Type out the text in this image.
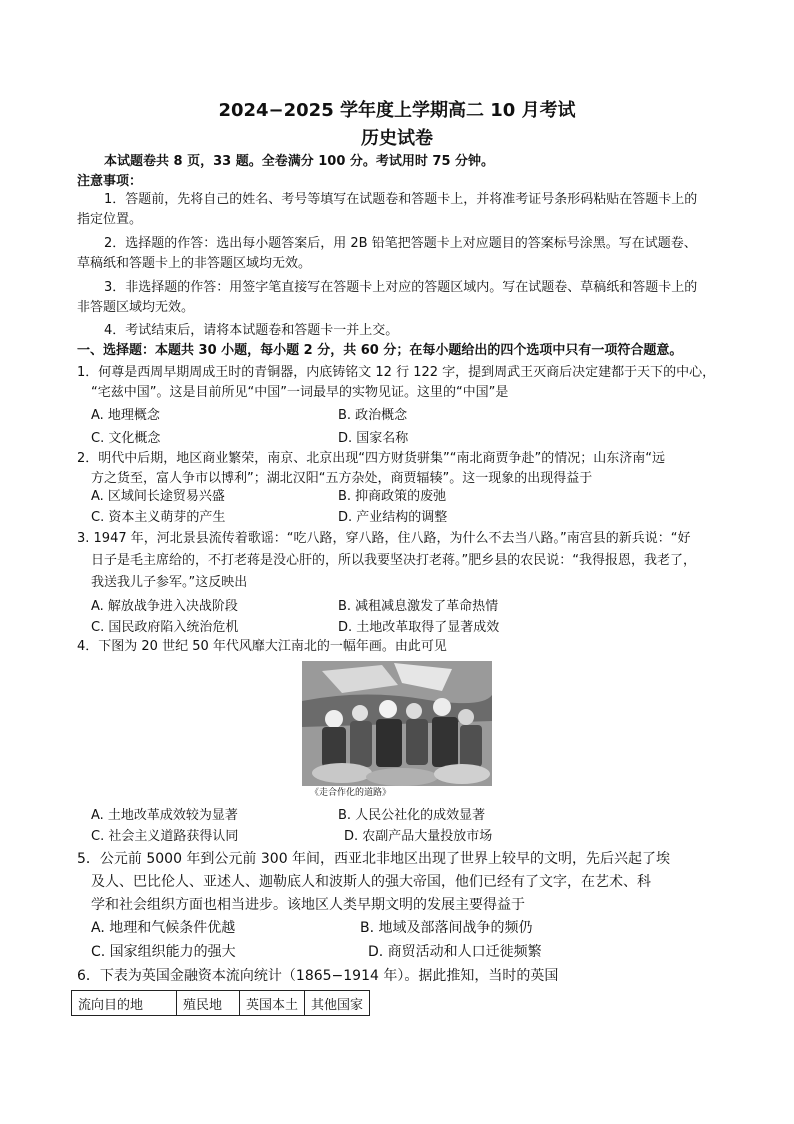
2024−2025 学年度上学期高二 10 月考试
历史试卷
本试题卷共 8 页，33 题。全卷满分 100 分。考试用时 75 分钟。
注意事项：
1．答题前，先将自己的姓名、考号等填写在试题卷和答题卡上，并将准考证号条形码粘贴在答题卡上的
指定位置。
2．选择题的作答：选出每小题答案后，用 2B 铅笔把答题卡上对应题目的答案标号涂黑。写在试题卷、
草稿纸和答题卡上的非答题区域均无效。
3．非选择题的作答：用签字笔直接写在答题卡上对应的答题区域内。写在试题卷、草稿纸和答题卡上的
非答题区域均无效。
4．考试结束后，请将本试题卷和答题卡一并上交。
一、选择题：本题共 30 小题，每小题 2 分，共 60 分；在每小题给出的四个选项中只有一项符合题意。
1．何尊是西周早期周成王时的青铜器，内底铸铭文 12 行 122 字，提到周武王灭商后决定建都于天下的中心，
“宅兹中国”。这是目前所见“中国”一词最早的实物见证。这里的“中国”是
A. 地理概念	B. 政治概念
C. 文化概念	D. 国家名称
2．明代中后期，地区商业繁荣，南京、北京出现“四方财货骈集”“南北商贾争赴”的情况；山东济南“远
方之货至，富人争市以博利”；湖北汉阳“五方杂处，商贾辐辏”。这一现象的出现得益于
A. 区域间长途贸易兴盛	B. 抑商政策的废弛
C. 资本主义萌芽的产生	D. 产业结构的调整
3. 1947 年，河北景县流传着歌谣：“吃八路，穿八路，住八路，为什么不去当八路。”南宫县的新兵说：“好
日子是毛主席给的，不打老蒋是没心肝的，所以我要坚决打老蒋。”肥乡县的农民说：“我得报恩，我老了，
我送我儿子参军。”这反映出
A. 解放战争进入决战阶段	B. 减租减息激发了革命热情
C. 国民政府陷入统治危机	D. 土地改革取得了显著成效
4．下图为 20 世纪 50 年代风靡大江南北的一幅年画。由此可见
《走合作化的道路》
A. 土地改革成效较为显著	B. 人民公社化的成效显著
C. 社会主义道路获得认同	D. 农副产品大量投放市场
5．公元前 5000 年到公元前 300 年间，西亚北非地区出现了世界上较早的文明，先后兴起了埃
及人、巴比伦人、亚述人、迦勒底人和波斯人的强大帝国，他们已经有了文字，在艺术、科
学和社会组织方面也相当进步。该地区人类早期文明的发展主要得益于
A. 地理和气候条件优越	B. 地域及部落间战争的频仍
C. 国家组织能力的强大	D. 商贸活动和人口迁徙频繁
6．下表为英国金融资本流向统计（1865−1914 年）。据此推知，当时的英国
流向目的地	殖民地	英国本土	其他国家
